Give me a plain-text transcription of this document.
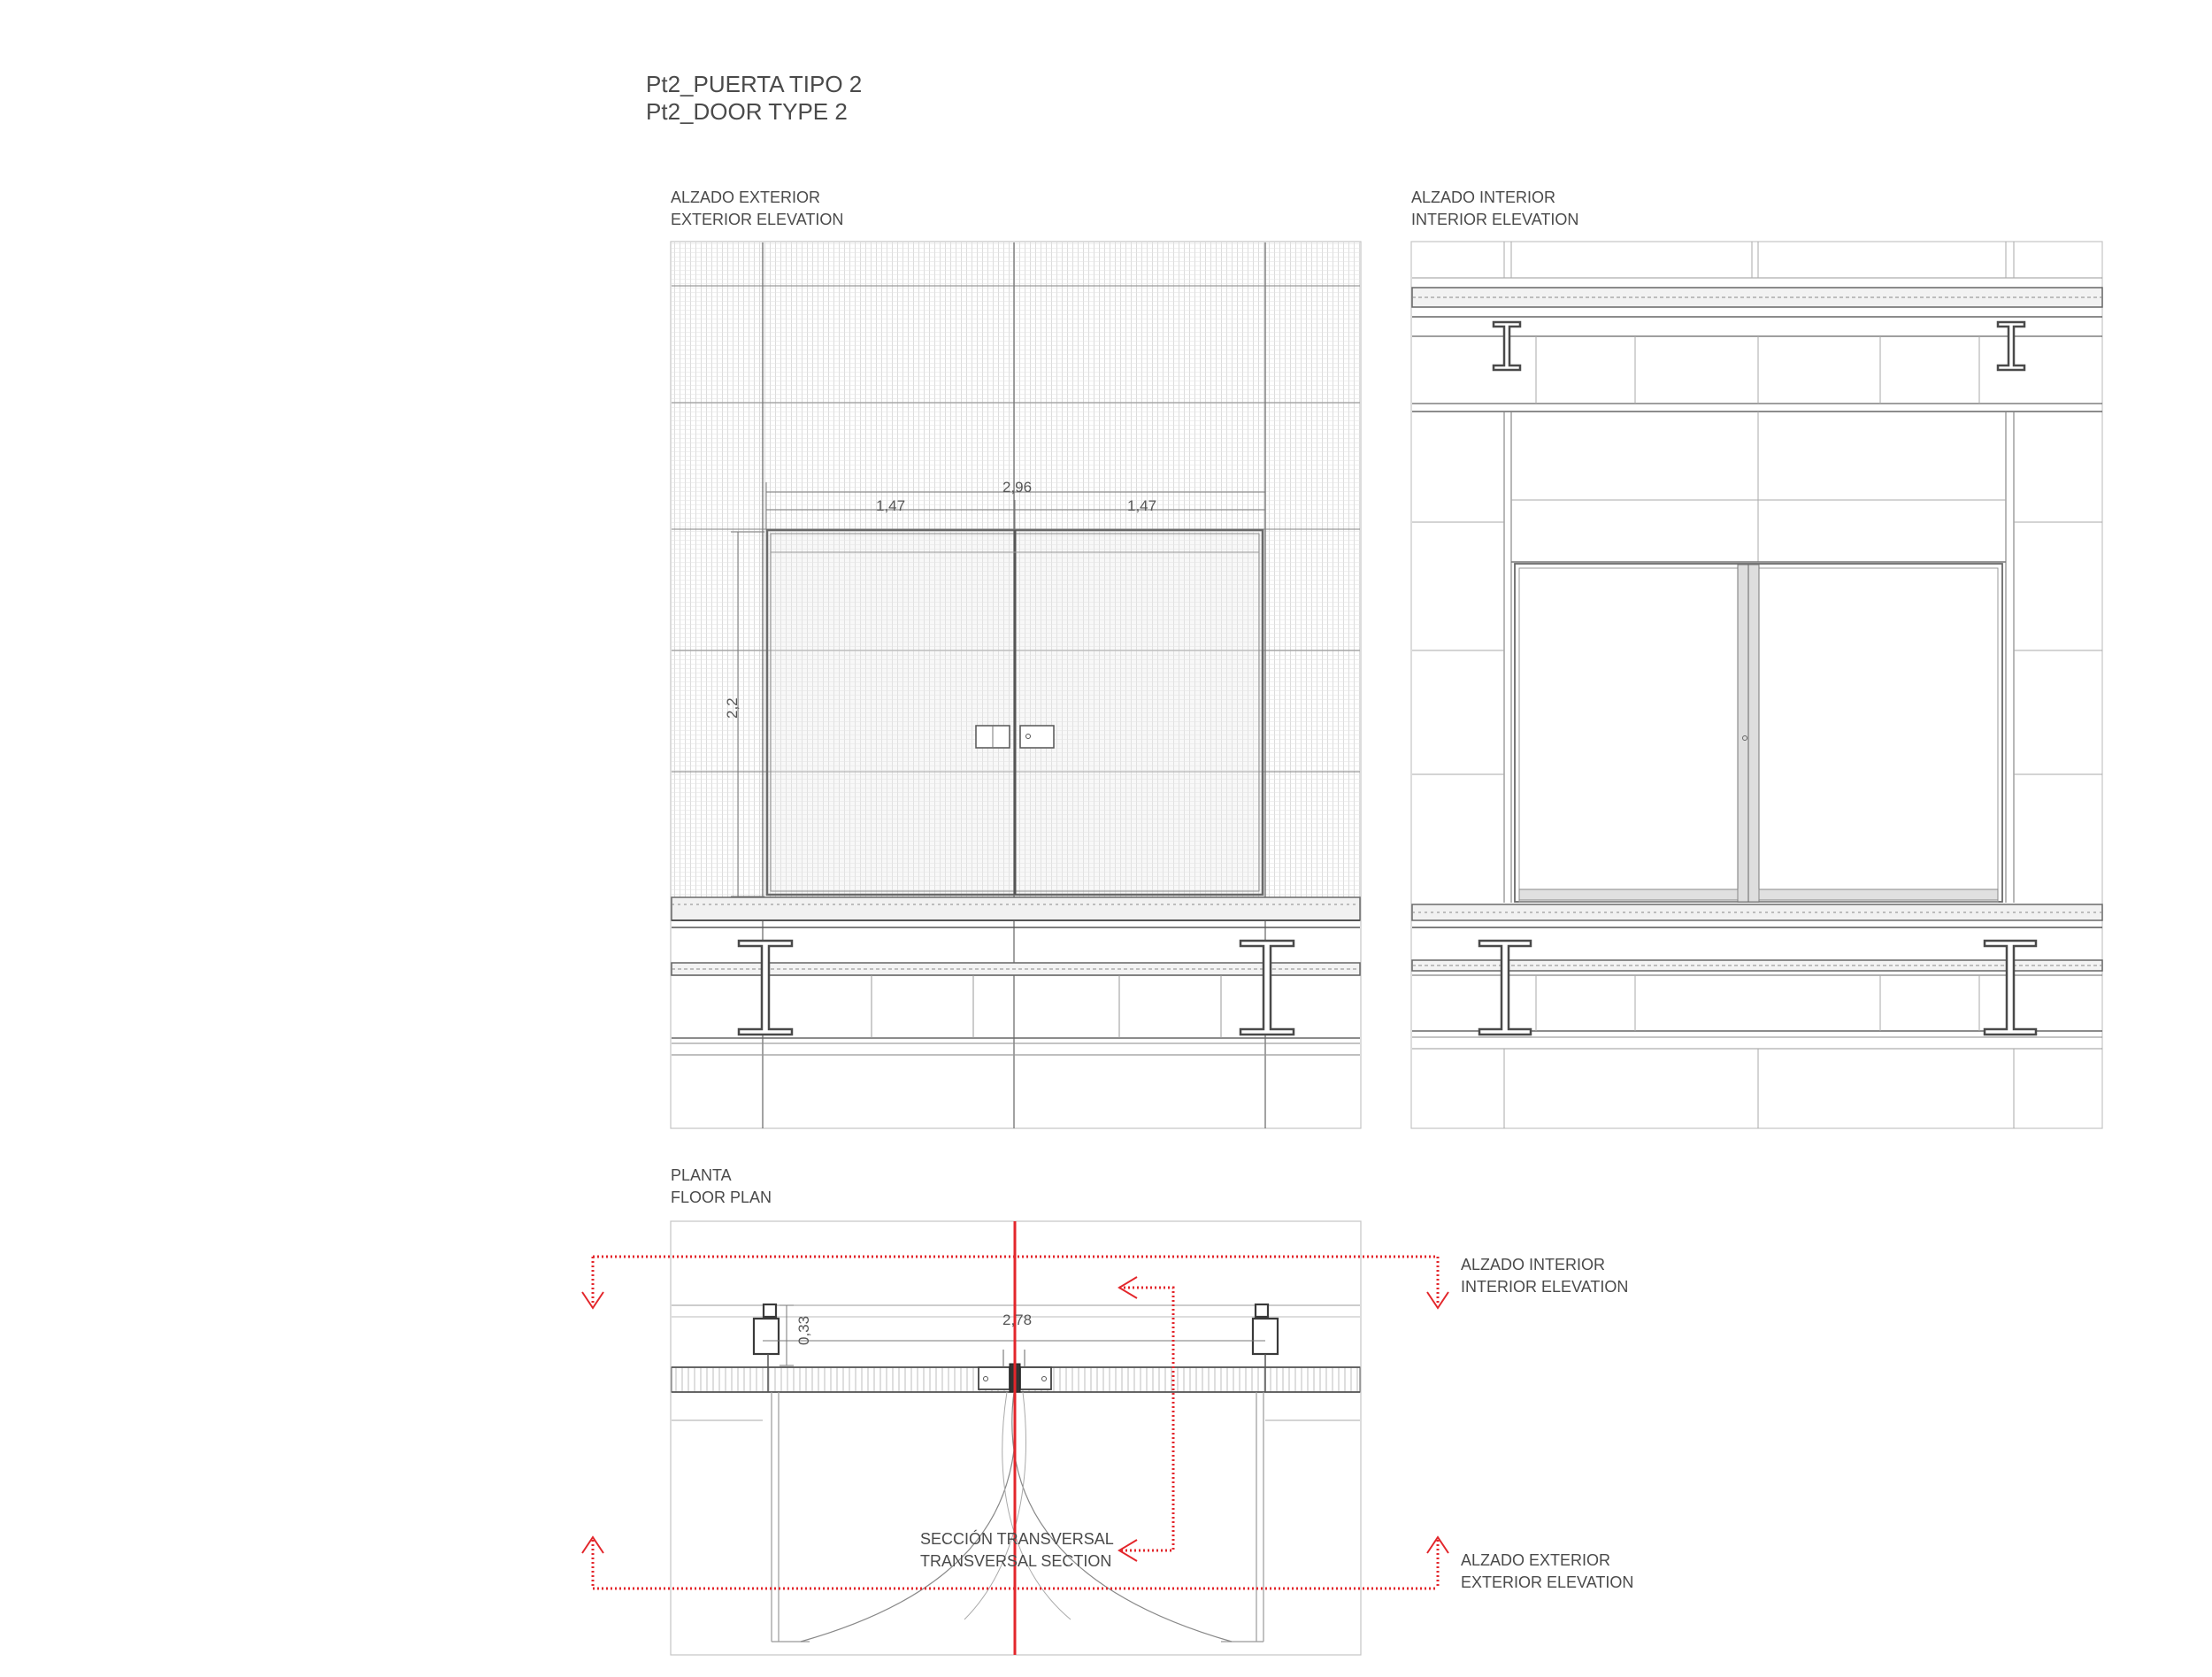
Pt2_PUERTA TIPO 2
Pt2_DOOR TYPE 2
ALZADO EXTERIOR
EXTERIOR ELEVATION
ALZADO INTERIOR
INTERIOR ELEVATION
PLANTA
FLOOR PLAN
2,96
1,47	1,47
2,2
2,78
0,33
ALZADO INTERIOR
INTERIOR ELEVATION
ALZADO EXTERIOR
EXTERIOR ELEVATION
SECCIÓN TRANSVERSAL
TRANSVERSAL SECTION
